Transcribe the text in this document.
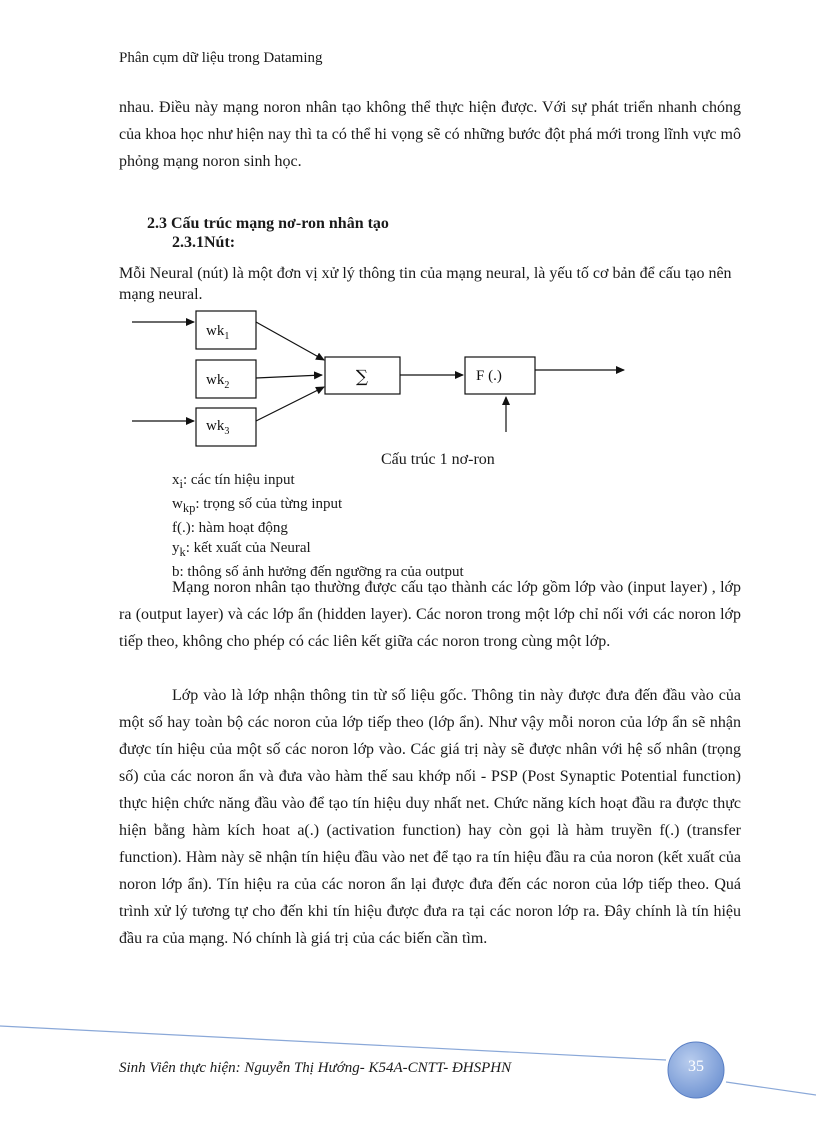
Phân cụm dữ liệu trong Dataming

nhau. Điều này mạng noron nhân tạo không thể thực hiện được. Với sự phát triển nhanh chóng của khoa học như hiện nay thì ta có thể hi vọng sẽ có những bước đột phá mới trong lĩnh vực mô phỏng mạng noron sinh học.

2.3 Cấu trúc mạng nơ-ron nhân tạo
2.3.1Nút:

Mỗi Neural (nút) là một đơn vị xử lý thông tin của mạng neural, là yếu tố cơ bản để cấu tạo nên mạng neural.

$wk_1$
$wk_2$
$wk_3$
∑	F (.)
Cấu trúc 1 nơ-ron
$x_i$: các tín hiệu input
$w_{kp}$: trọng số của từng input
f(.): hàm hoạt động
$y_k$: kết xuất của Neural
b: thông số ảnh hưởng đến ngưỡng ra của output

Mạng noron nhân tạo thường được cấu tạo thành các lớp gồm lớp vào (input layer) , lớp ra (output layer) và các lớp ẩn (hidden layer). Các noron trong một lớp chỉ nối với các noron lớp tiếp theo, không cho phép có các liên kết giữa các noron trong cùng một lớp.

Lớp vào là lớp nhận thông tin từ số liệu gốc. Thông tin này được đưa đến đầu vào của một số hay toàn bộ các noron của lớp tiếp theo (lớp ẩn). Như vậy mỗi noron của lớp ẩn sẽ nhận được tín hiệu của một số các noron lớp vào. Các giá trị này sẽ được nhân với hệ số nhân (trọng số) của các noron ẩn và đưa vào hàm thế sau khớp nối - PSP (Post Synaptic Potential function) thực hiện chức năng đầu vào để tạo tín hiệu duy nhất net. Chức năng kích hoạt đầu ra được thực hiện bằng hàm kích hoat a(.) (activation function) hay còn gọi là hàm truyền f(.) (transfer function). Hàm này sẽ nhận tín hiệu đầu vào net để tạo ra tín hiệu đầu ra của noron (kết xuất của noron lớp ẩn). Tín hiệu ra của các noron ẩn lại được đưa đến các noron của lớp tiếp theo. Quá trình xử lý tương tự cho đến khi tín hiệu được đưa ra tại các noron lớp ra. Đây chính là tín hiệu đầu ra của mạng. Nó chính là giá trị của các biến cần tìm.

Sinh Viên thực hiện: Nguyễn Thị Hướng- K54A-CNTT- ĐHSPHN	35
